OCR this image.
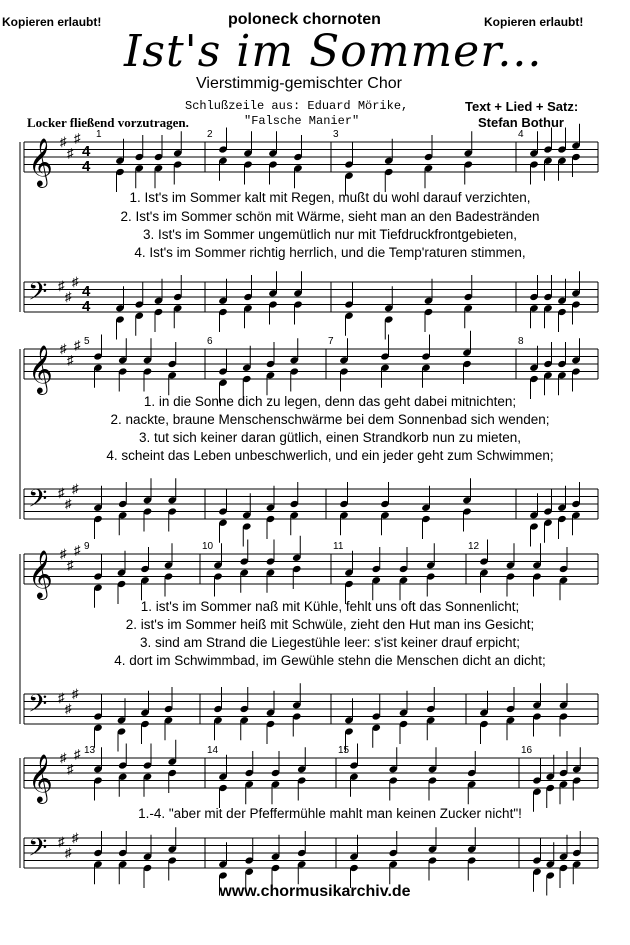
Kopieren erlaubt!	poloneck chornoten	Kopieren erlaubt!
Ist's im Sommer...
Vierstimmig-gemischter Chor
Schlußzeile aus: Eduard Mörike,
"Falsche Manier"
Text + Lied + Satz:
Stefan Bothur
Locker fließend vorzutragen.
𝄞 ♯
♯
♯
4
4
1	2	3	4
𝄢 ♯
♯
♯
4
4
𝄞 ♯
♯
♯ 5	6	7	8
𝄢 ♯
♯
♯
𝄞 ♯
♯
♯ 9	10	11	12
𝄢 ♯
♯
♯
𝄞 ♯
♯
♯ 13	14	15	16
𝄢 ♯
♯
♯
1. Ist's im Sommer kalt mit Regen, mußt du wohl darauf verzichten,
2. Ist's im Sommer schön mit Wärme, sieht man an den Badestränden
3. Ist's im Sommer ungemütlich nur mit Tiefdruckfrontgebieten,
4. Ist's im Sommer richtig herrlich, und die Temp'raturen stimmen,
1. in die Sonne dich zu legen, denn das geht dabei mitnichten;
2. nackte, braune Menschenschwärme bei dem Sonnenbad sich wenden;
3. tut sich keiner daran gütlich, einen Strandkorb nun zu mieten,
4. scheint das Leben unbeschwerlich, und ein jeder geht zum Schwimmen;
1. ist's im Sommer naß mit Kühle, fehlt uns oft das Sonnenlicht;
2. ist's im Sommer heiß mit Schwüle, zieht den Hut man ins Gesicht;
3. sind am Strand die Liegestühle leer: s'ist keiner drauf erpicht;
4. dort im Schwimmbad, im Gewühle stehn die Menschen dicht an dicht;
1.-4. "aber mit der Pfeffermühle mahlt man keinen Zucker nicht"!
www.chormusikarchiv.de
